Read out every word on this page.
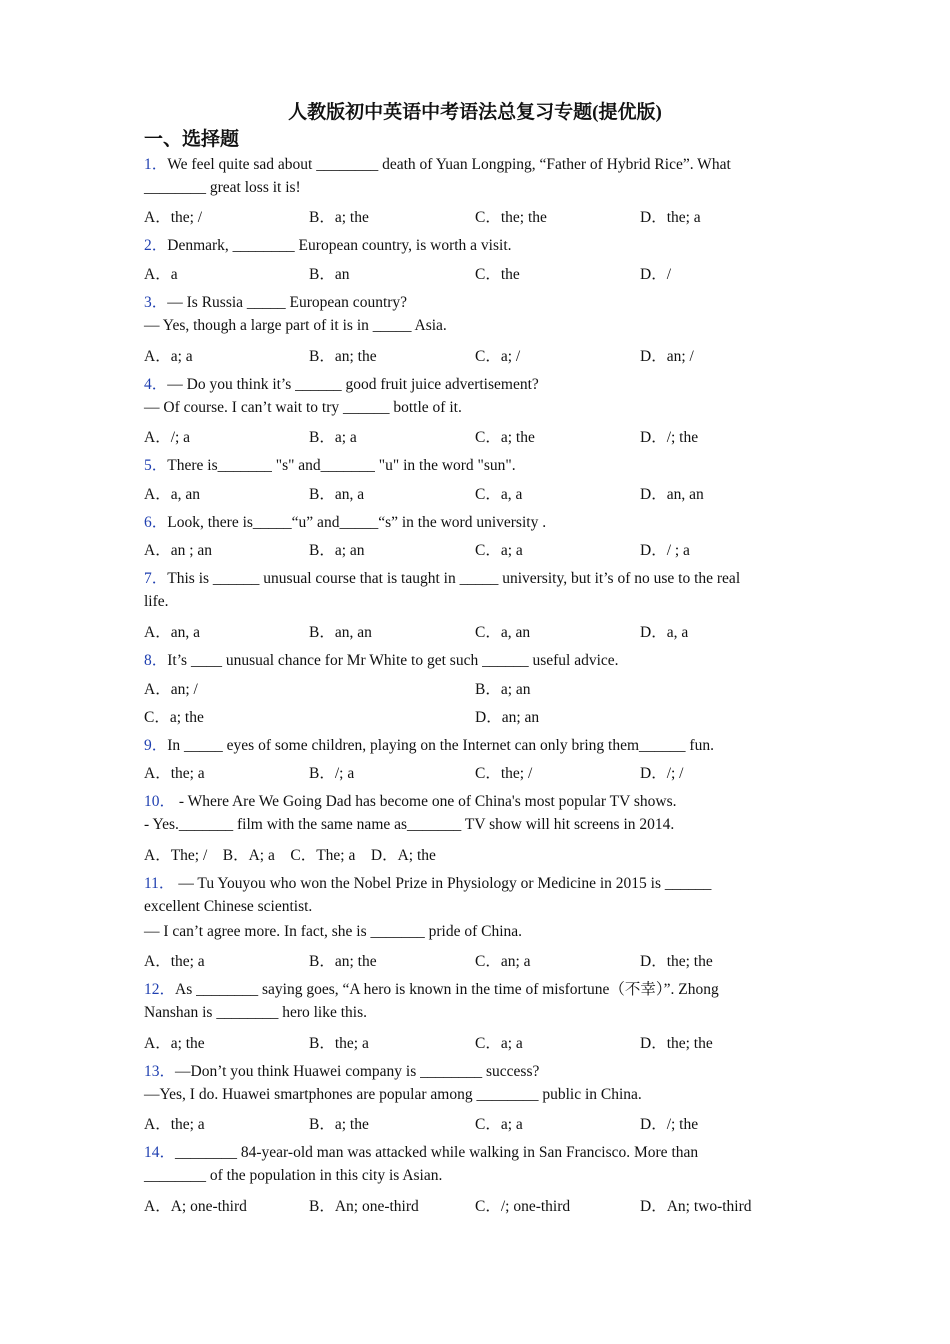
人教版初中英语中考语法总复习专题(提优版)
一、选择题
1．We feel quite sad about ________ death of Yuan Longping, “Father of Hybrid Rice”. What
________ great loss it is!
A．the; /	B．a; the	C．the; the	D．the; a
2．Denmark, ________ European country, is worth a visit.
A．a	B．an	C．the	D．/
3．— Is Russia _____ European country?
— Yes, though a large part of it is in _____ Asia.
A．a; a	B．an; the	C．a; /	D．an; /
4．— Do you think it’s ______ good fruit juice advertisement?
— Of course. I can’t wait to try ______ bottle of it.
A．/; a	B．a; a	C．a; the	D．/; the
5．There is_______ "s" and_______ "u" in the word "sun".
A．a, an	B．an, a	C．a, a	D．an, an
6．Look, there is_____“u” and_____“s” in the word university .
A．an ; an	B．a; an	C．a; a	D．/ ; a
7．This is ______ unusual course that is taught in _____ university, but it’s of no use to the real
life.
A．an, a	B．an, an	C．a, an	D．a, a
8．It’s ____ unusual chance for Mr White to get such ______ useful advice.
A．an; /	B．a; an
C．a; the	D．an; an
9．In _____ eyes of some children, playing on the Internet can only bring them______ fun.
A．the; a	B．/; a	C．the; /	D．/; /
10． - Where Are We Going Dad has become one of China's most popular TV shows.
- Yes._______ film with the same name as_______ TV show will hit screens in 2014.
A．The; /　B．A; a　C．The; a　D．A; the
11． — Tu Youyou who won the Nobel Prize in Physiology or Medicine in 2015 is ______
excellent Chinese scientist.
— I can’t agree more. In fact, she is _______ pride of China.
A．the; a	B．an; the	C．an; a	D．the; the
12．As ________ saying goes, “A hero is known in the time of misfortune（不幸）”. Zhong
Nanshan is ________ hero like this.
A．a; the	B．the; a	C．a; a	D．the; the
13．—Don’t you think Huawei company is ________ success?
—Yes, I do. Huawei smartphones are popular among ________ public in China.
A．the; a	B．a; the	C．a; a	D．/; the
14．________ 84-year-old man was attacked while walking in San Francisco. More than
________ of the population in this city is Asian.
A．A; one-third	B．An; one-third	C．/; one-third	D．An; two-third
